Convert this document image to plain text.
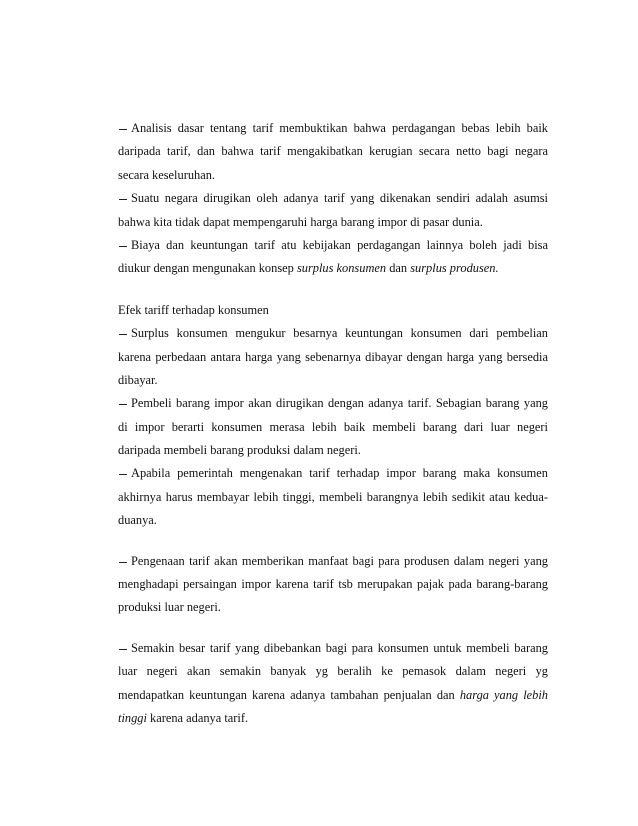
Analisis dasar tentang tarif membuktikan bahwa perdagangan bebas lebih baik
daripada tarif, dan bahwa tarif mengakibatkan kerugian secara netto bagi negara
secara keseluruhan.
Suatu negara dirugikan oleh adanya tarif yang dikenakan sendiri adalah asumsi
bahwa kita tidak dapat mempengaruhi harga barang impor di pasar dunia.
Biaya dan keuntungan tarif atu kebijakan perdagangan lainnya boleh jadi bisa
diukur dengan mengunakan konsep surplus konsumen dan surplus produsen.
Efek tariff terhadap konsumen
Surplus konsumen mengukur besarnya keuntungan konsumen dari pembelian
karena perbedaan antara harga yang sebenarnya dibayar dengan harga yang bersedia
dibayar.
Pembeli barang impor akan dirugikan dengan adanya tarif. Sebagian barang yang
di impor berarti konsumen merasa lebih baik membeli barang dari luar negeri
daripada membeli barang produksi dalam negeri.
Apabila pemerintah mengenakan tarif terhadap impor barang maka konsumen
akhirnya harus membayar lebih tinggi, membeli barangnya lebih sedikit atau kedua-
duanya.
Pengenaan tarif akan memberikan manfaat bagi para produsen dalam negeri yang
menghadapi persaingan impor karena tarif tsb merupakan pajak pada barang-barang
produksi luar negeri.
Semakin besar tarif yang dibebankan bagi para konsumen untuk membeli barang
luar negeri akan semakin banyak yg beralih ke pemasok dalam negeri yg
mendapatkan keuntungan karena adanya tambahan penjualan dan harga yang lebih
tinggi karena adanya tarif.
